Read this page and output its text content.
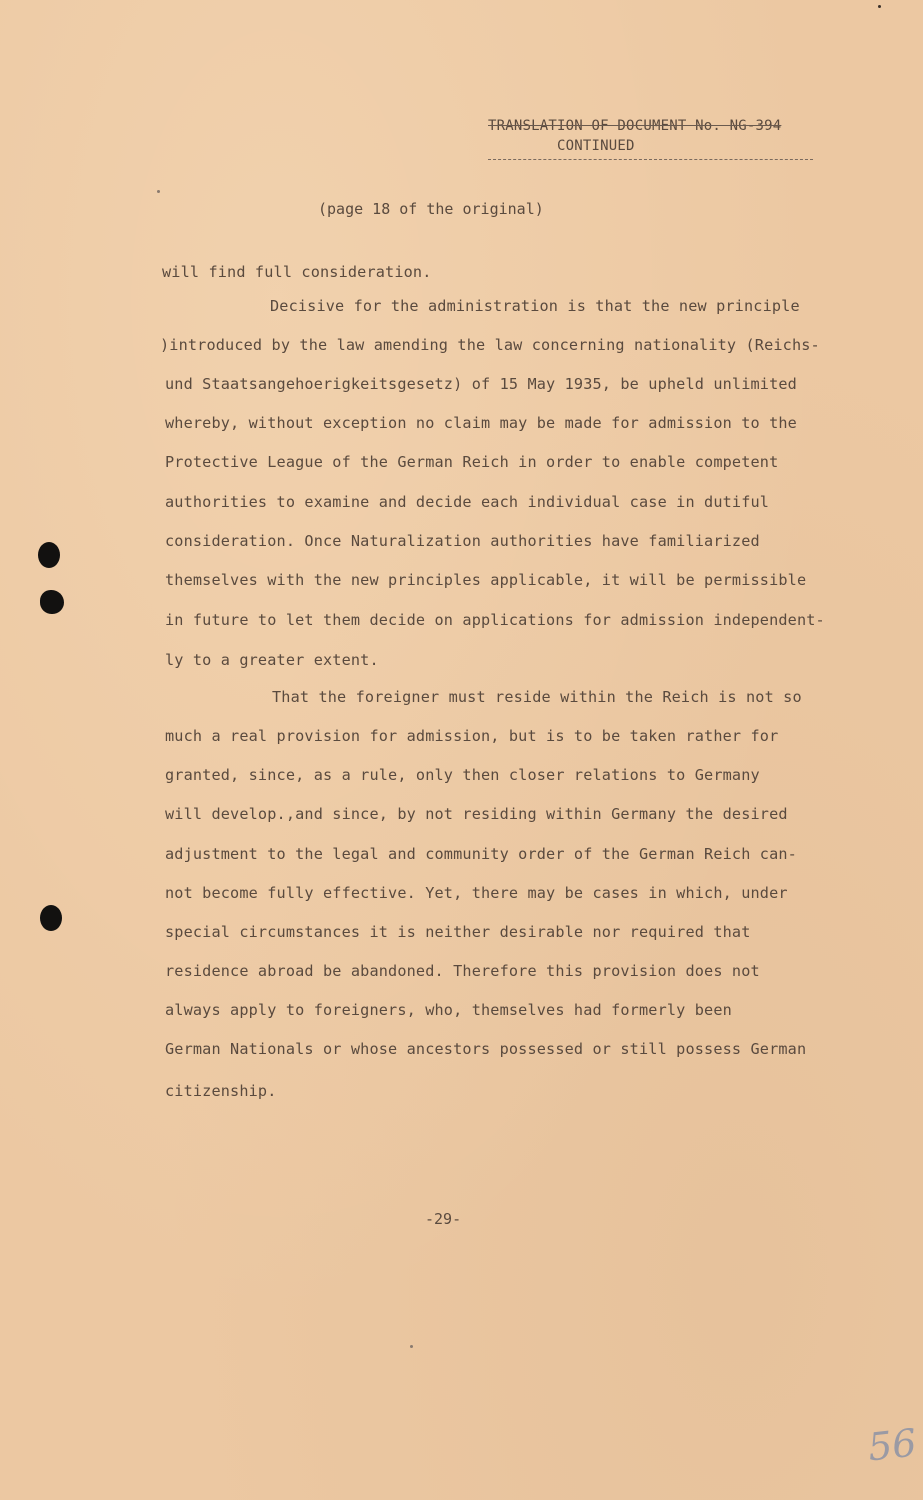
TRANSLATION OF DOCUMENT No. NG-394
CONTINUED
(page 18 of the original)
will find full consideration.
Decisive for the administration is that the new principle
)introduced by the law amending the law concerning nationality (Reichs-
und Staatsangehoerigkeitsgesetz) of 15 May 1935, be upheld unlimited
whereby, without exception no claim may be made for admission to the
Protective League of the German Reich in order to enable competent
authorities to examine and decide each individual case in dutiful
consideration. Once Naturalization authorities have familiarized
themselves with the new principles applicable, it will be permissible
in future to let them decide on applications for admission independent-
ly to a greater extent.
That the foreigner must reside within the Reich is not so
much a real provision for admission, but is to be taken rather for
granted, since, as a rule, only then closer relations to Germany
will develop.,and since, by not residing within Germany the desired
adjustment to the legal and community order of the German Reich can-
not become fully effective. Yet, there may be cases in which, under
special circumstances it is neither desirable nor required that
residence abroad be abandoned. Therefore this provision does not
always apply to foreigners, who, themselves had formerly been
German Nationals or whose ancestors possessed or still possess German
citizenship.
-29-
56
